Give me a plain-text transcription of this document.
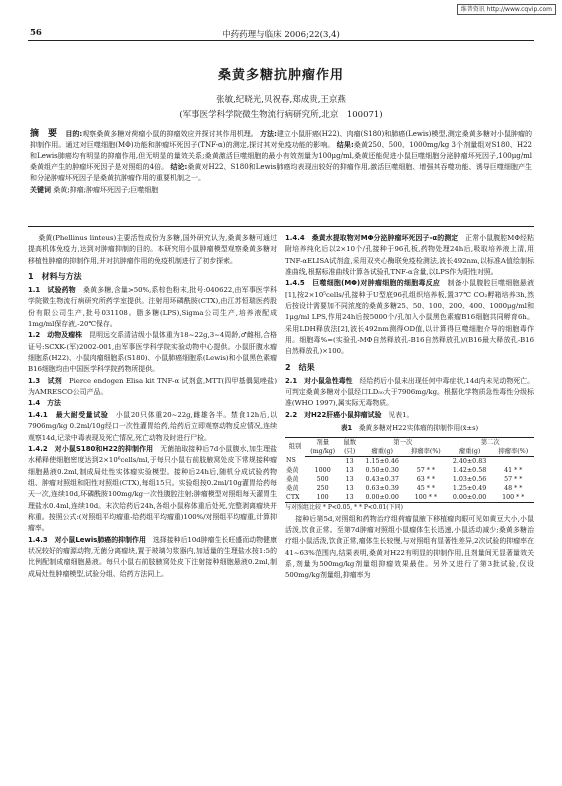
维普资讯 http://www.cqvip.com
56	中药药理与临床 2006;22(3,4)
桑黄多糖抗肿瘤作用
张敏,纪晓光,贝祝春,郑成贵,王京燕
(军事医学科学院微生物流行病研究所,北京　100071)
摘　要 目的:观察桑黄多糖对荷瘤小鼠的抑瘤效应并探讨其作用机理。 方法:建立小鼠肝癌(H22)、肉瘤(S180)和肺癌(Lewis)模型,测定桑黄多糖对小鼠肿瘤的抑制作用。通过对巨噬细胞(MΦ)功能和肿瘤坏死因子(TNF-α)的测定,探讨其对免疫功能的影响。 结果:桑黄250、500、1000mg/kg 3个剂量组对S180、H22和Lewis肺癌均有明显的抑瘤作用,但无明显的量效关系;桑黄激活巨噬细胞的最小有效剂量为100μg/ml,桑黄还能促进小鼠巨噬细胞分泌肿瘤坏死因子,100μg/ml桑黄组产生的肿瘤坏死因子是对照组的4倍。 结论:桑黄对H22、S180和Lewis肺癌均表现出较好的抑瘤作用,激活巨噬细胞、增强其吞噬功能、诱导巨噬细胞产生和分泌肿瘤坏死因子是桑黄抗肿瘤作用的重要机制之一。
关键词 桑黄;抑瘤;肿瘤坏死因子;巨噬细胞

桑黄(Phellinus linteus)主要活性成份为多糖,国外研究认为,桑黄多糖可通过提高机体免疫力,达到对肿瘤抑制的目的。本研究用小鼠肿瘤模型观察桑黄多糖对移植性肿瘤的抑制作用,并对抗肿瘤作用的免疫机制进行了初步探索。

1　材料与方法

1.1　试验药物　 桑黄多糖,含量>50%,系棕色粉末,批号:040622,由军事医学科学院微生物流行病研究所药学室提供。注射用环磷酰胺(CTX),由江苏恒瑞医药股份有限公司生产,批号031108。脂多糖(LPS),Sigma公司生产,培养液配成1mg/ml保存液,-20℃保存。

1.2　动物及瘤株　 昆明远交系清洁级小鼠体重为18~22g,3~4周龄,♂雌相,合格证号:SCXK-(军)2002-001,由军事医学科学院实验动物中心提供。小鼠肝腹水瘤细胞系(H22)、小鼠肉瘤细胞系(S180)、小鼠肺癌细胞系(Lewis)和小鼠黑色素瘤B16细胞均由中国医学科学院药物所提供。

1.3　试剂　 Pierce endogen Elisa kit TNF-α 试剂盒,MTT(四甲基偶氮唑盐)为AMRESCO公司产品。

1.4　方法

1.4.1　最大耐受量试验　 小鼠20只体重20~22g,雌雄各半。禁食12h后,以7906mg/kg 0.2ml/10g经口一次性灌胃给药,给药后立即观察动物反应情况,连续观察14d,记录中毒表现及死亡情况,死亡动物及时进行尸检。

1.4.2　对小鼠S180和H22的抑制作用　 无菌抽取接种后7d小鼠腹水,加生理盐水稀释使细胞密度达到2×10⁶cells/ml,于每只小鼠右前肢腋窝处皮下常规接种瘤细胞悬液0.2ml,制成局灶性实体瘤实验模型。接种后24h后,随机分成试验药物组、肿瘤对照组和阳性对照组(CTX),每组15只。实验组按0.2ml/10g灌胃给药每天一次,连续10d,环磷酰胺100mg/kg一次性腹腔注射;肿瘤模型对照组每天灌胃生理盐水0.4ml,连续10d。末次给药后24h,各组小鼠称体重后处死,完整剥离瘤块并称重。按照公式:(对照组平均瘤重-给药组平均瘤重)100%/对照组平均瘤重,计算抑瘤率。

1.4.3　对小鼠Lewis肺癌的抑制作用　 选择接种后10d肿瘤生长旺盛而动物健康状况较好的瘤源动物,无菌分离瘤块,置于玻璃匀浆器内,加适量的生理盐水按1:5的比例配制成瘤细胞悬液。每只小鼠右前肢腋窝处皮下注射接种细胞悬液0.2ml,制成局灶性肿瘤模型,试验分组、给药方法同上。

1.4.4　桑黄水提取物对MΦ分泌肿瘤坏死因子-α的测定　 正常小鼠腹腔MΦ经粘附培养纯化后以2×10个/孔接种于96孔板,药物处理24h后,吸取培养液上清,用TNF-αELISA试剂盒,采用双夹心酶联免疫检测法,波长492nm,以标准A值绘制标准曲线,根据标准曲线计算各试验孔TNF-α含量,以LPS作为阳性对照。

1.4.5　巨噬细胞(MΦ)对肿瘤细胞的细胞毒反应　 制备小鼠腹腔巨噬细胞悬液[1],按2×10⁵cells/孔接种于U型底96孔组织培养板,置37℃ CO₂孵箱培养3h,然后按设计需要加不同浓度的桑黄多糖25、50、100、200、400、1000μg/ml和1μg/ml LPS,作用24h后按5000个/孔加入小鼠黑色素瘤B16细胞共同孵育6h。采用LDH释放法[2],波长492nm测得OD值,以计算得巨噬细胞介导的细胞毒作用。细胞毒%=(实验孔-MΦ自然释放孔-B16自然释放孔)/(B16最大释放孔-B16自然释放孔)×100。

2　结果

2.1　对小鼠急性毒性　 经给药后小鼠未出现任何中毒症状,14d内未见动物死亡。可判定桑黄多糖对小鼠经口LD₅₀大于7906mg/kg。根据化学物质急性毒性分级标准(WHO 1997),属实际无毒物质。

2.2　对H22肝癌小鼠抑瘤试验　 见表1。

表1　 桑黄多糖对H22实体瘤的抑制作用(x̄±s)
组别	剂量	鼠数	第一次		第二次	
	(mg/kg)	(只)	瘤重(g)	抑瘤率(%)	瘤重(g)	抑瘤率(%)
NS		13	1.15±0.46		2.40±0.83	
桑黄	1000	13	0.50±0.30	57 * *	1.42±0.58	41 * *
桑黄	500	13	0.43±0.37	63 * *	1.03±0.56	57 * *
桑黄	250	13	0.63±0.39	45 * *	1.25±0.49	48 * *
CTX	100	13	0.00±0.00	100 * *	0.00±0.00	100 * *
与对照组比较 * P<0.05, * * P<0.01(下同)

接种后第5d,对照组和药物治疗组荷瘤鼠腋下移植瘤肉眼可见如黄豆大小,小鼠活泼,饮食正常。至第7d肿瘤对照组小鼠瘤体生长迅速,小鼠活动减少;桑黄多糖治疗组小鼠活泼,饮食正常,瘤体生长较慢,与对照组有显著性差异,2次试验的抑瘤率在41~63%范围内,结果表明,桑黄对H22有明显的抑制作用,且剂量间无显著量效关系,剂量为500mg/kg剂量组抑瘤效果最佳。另外又进行了第3批试验,仅设500mg/kg剂量组,抑瘤率为
